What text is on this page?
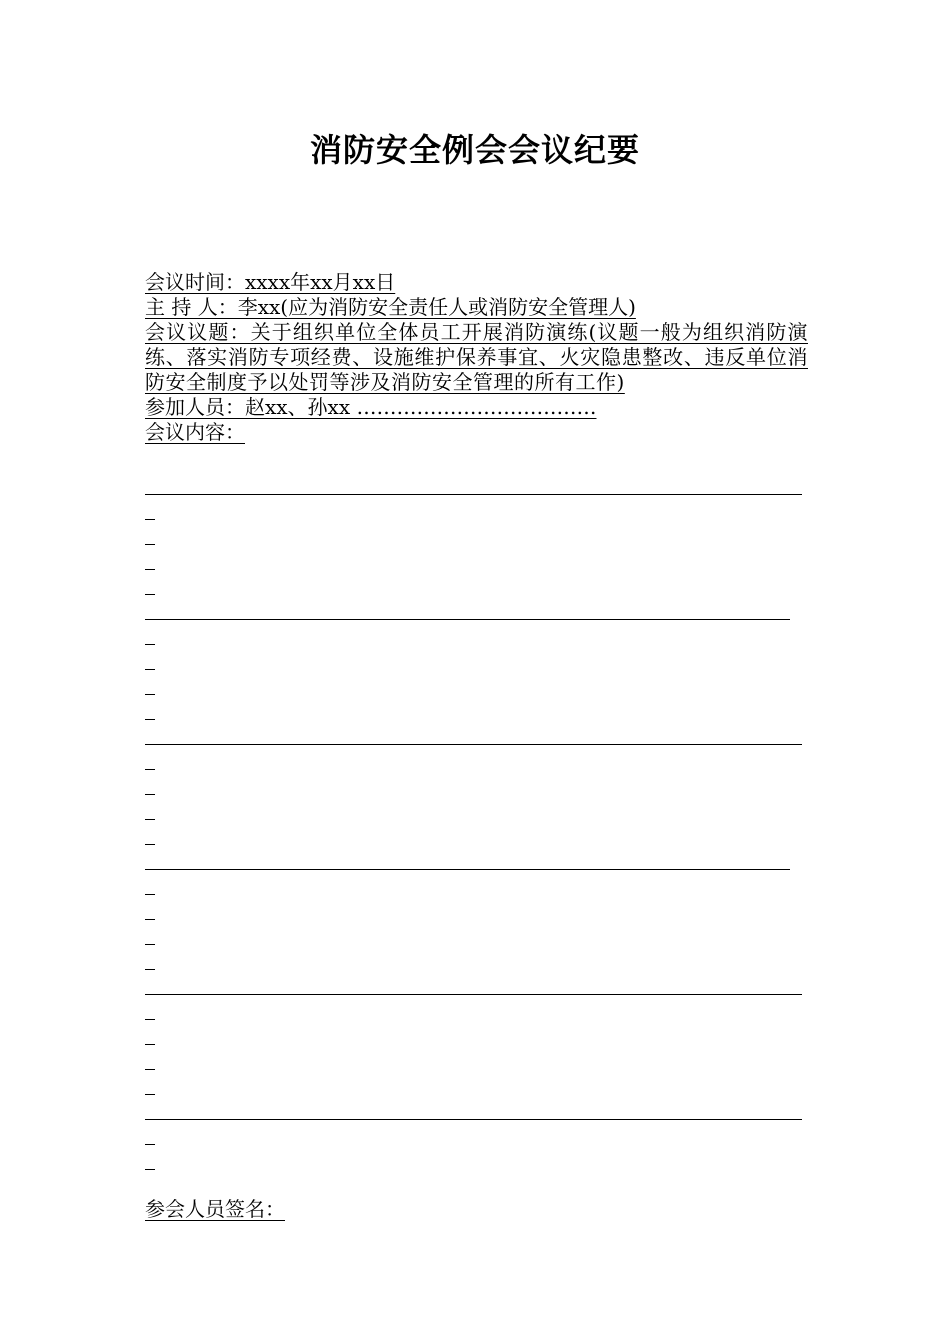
消防安全例会会议纪要
会议时间：xxxx年xx月xx日
主 持 人：李xx(应为消防安全责任人或消防安全管理人)
会议议题：关于组织单位全体员工开展消防演练(议题一般为组织消防演练、落实消防专项经费、设施维护保养事宜、火灾隐患整改、违反单位消防安全制度予以处罚等涉及消防安全管理的所有工作)
参加人员：赵xx、孙xx ………………………………
会议内容：
参会人员签名：
